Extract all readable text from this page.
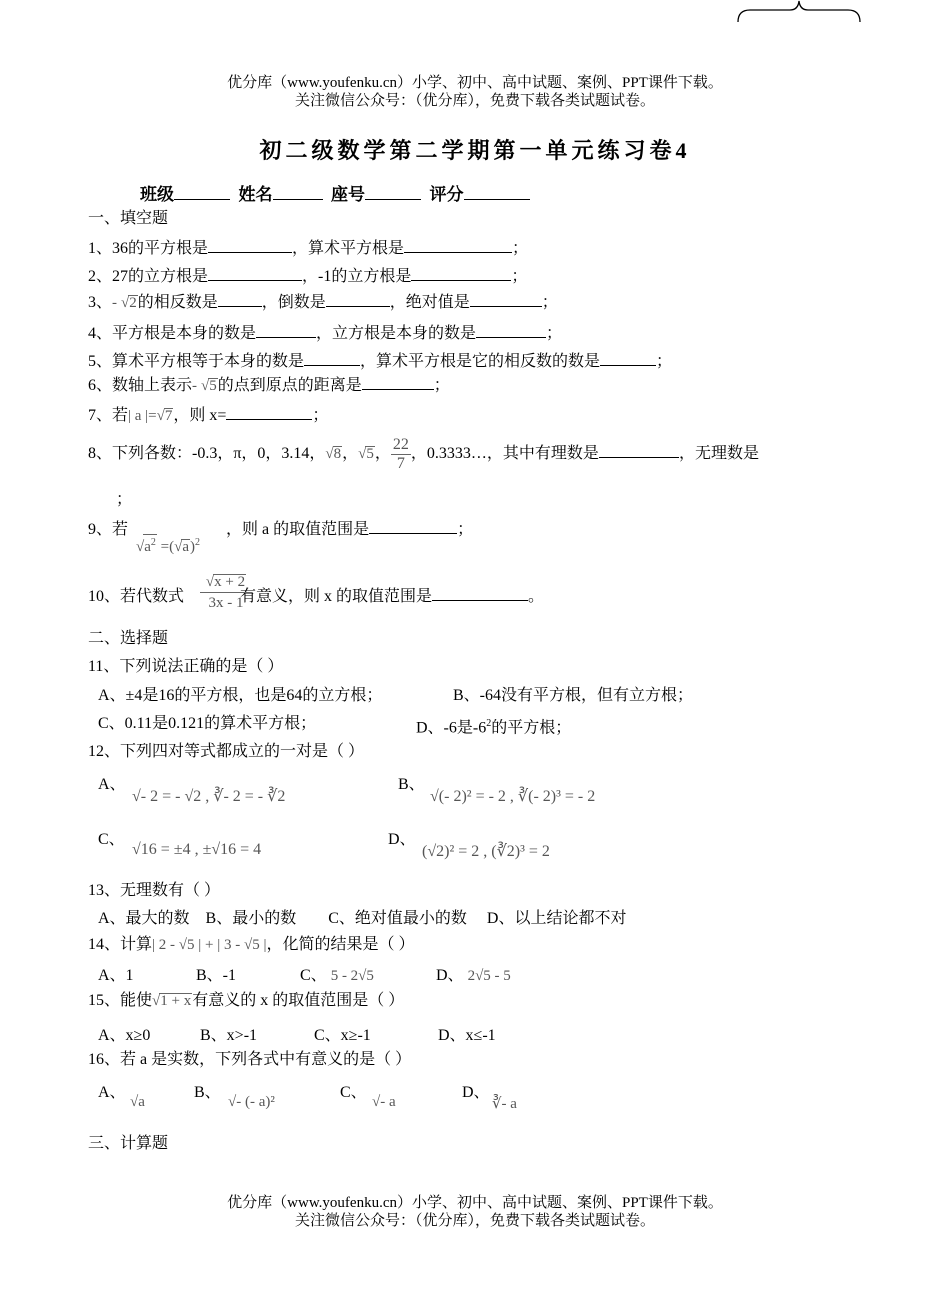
优分库（www.youfenku.cn）小学、初中、高中试题、案例、PPT课件下载。
关注微信公众号：（优分库），免费下载各类试题试卷。
初二级数学第二学期第一单元练习卷4
班级	姓名	座号	评分
一、填空题
1、36的平方根是	，算术平方根是	；
2、27的立方根是	，-1的立方根是	；
3、- √2的相反数是	，倒数是	，绝对值是	；
4、平方根是本身的数是	，立方根是本身的数是	；
5、算术平方根等于本身的数是	，算术平方根是它的相反数的数是	；
6、数轴上表示- √5的点到原点的距离是	；
7、若| a |=√7，则 x=	；
8、下列各数：-0.3，π，0，3.14，√8，√5， $\frac{22}{7}$ ，0.3333…，其中有理数是	，无理数是
；
9、若	，则 a 的取值范围是	；
$√a^2 =(√a)^2$
10、若代数式	有意义，则 x 的取值范围是	。
√x + 2
3x - 1
二、选择题
11、下列说法正确的是（ ）
A、±4是16的平方根，也是64的立方根；	B、-64没有平方根，但有立方根；
C、0.11是0.121的算术平方根；	D、-6是$-6^2$的平方根；
12、下列四对等式都成立的一对是（ ）
A、
√- 2 = - √2 , ∛- 2 = - ∛2
B、
√(- 2)² = - 2 , ∛(- 2)³ = - 2
C、
√16 = ±4 , ±√16 = 4
D、
(√2)² = 2 , (∛2)³ = 2
13、无理数有（ ）
A、最大的数    B、最小的数        C、绝对值最小的数     D、以上结论都不对
14、计算| 2 - √5 | + | 3 - √5 |，化简的结果是（ ）
A、1	B、-1	C、 5 - 2√5	D、 2√5 - 5
15、能使√1 + x有意义的 x 的取值范围是（ ）
A、x≥0	B、x>-1	C、x≥-1	D、x≤-1
16、若 a 是实数，下列各式中有意义的是（ ）
A、
√a
B、
√- (- a)²
C、
√- a
D、
∛- a
三、计算题
优分库（www.youfenku.cn）小学、初中、高中试题、案例、PPT课件下载。
关注微信公众号：（优分库），免费下载各类试题试卷。
